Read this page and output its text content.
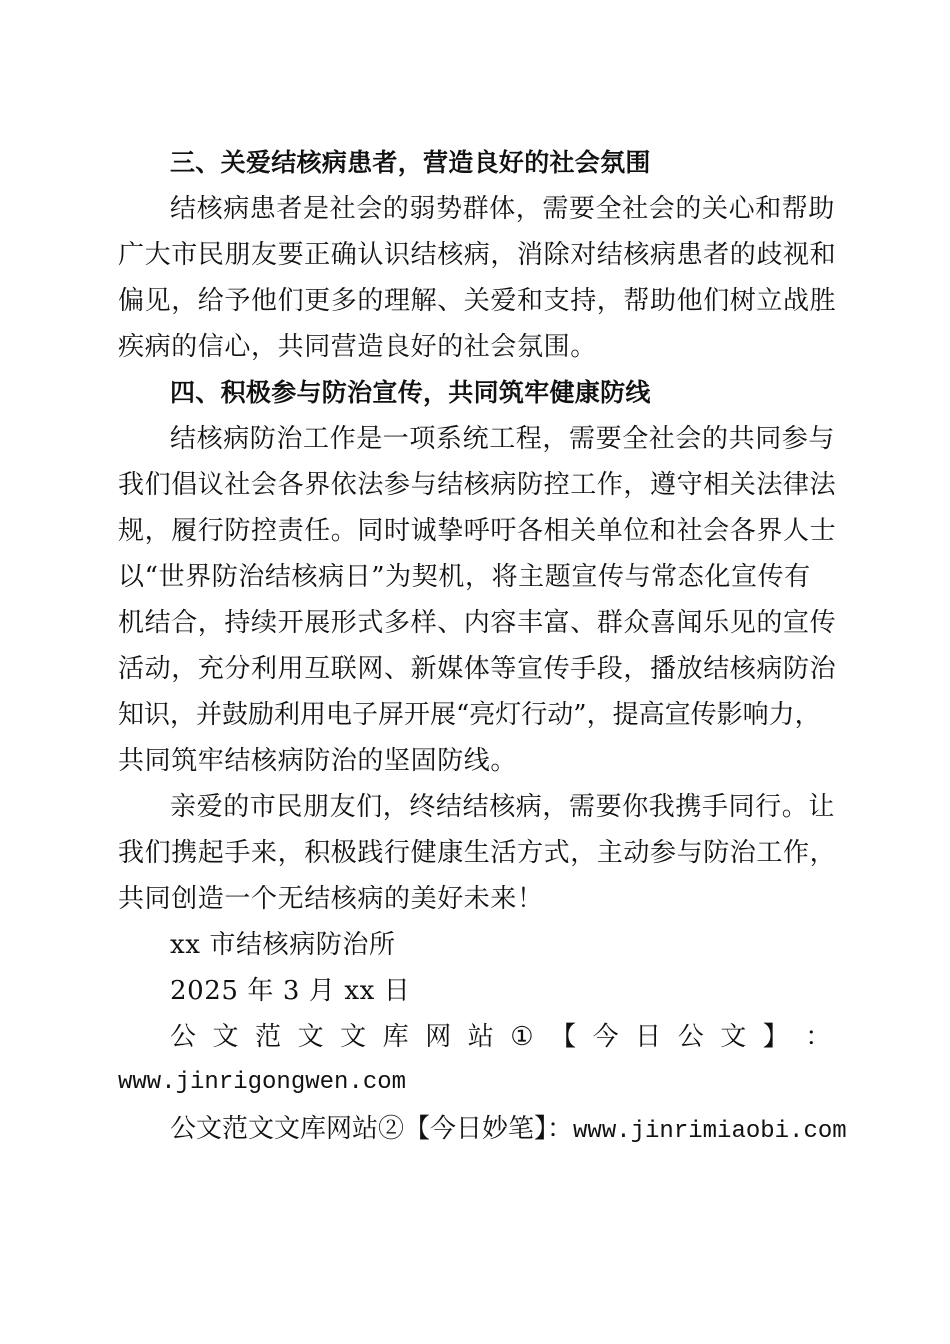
三、关爱结核病患者，营造良好的社会氛围
结核病患者是社会的弱势群体，需要全社会的关心和帮助
广大市民朋友要正确认识结核病，消除对结核病患者的歧视和
偏见，给予他们更多的理解、关爱和支持，帮助他们树立战胜
疾病的信心，共同营造良好的社会氛围。
四、积极参与防治宣传，共同筑牢健康防线
结核病防治工作是一项系统工程，需要全社会的共同参与
我们倡议社会各界依法参与结核病防控工作，遵守相关法律法
规，履行防控责任。同时诚挚呼吁各相关单位和社会各界人士
以“世界防治结核病日”为契机，将主题宣传与常态化宣传有
机结合，持续开展形式多样、内容丰富、群众喜闻乐见的宣传
活动，充分利用互联网、新媒体等宣传手段，播放结核病防治
知识，并鼓励利用电子屏开展“亮灯行动”，提高宣传影响力，
共同筑牢结核病防治的坚固防线。
亲爱的市民朋友们，终结结核病，需要你我携手同行。让
我们携起手来，积极践行健康生活方式，主动参与防治工作，
共同创造一个无结核病的美好未来！
xx 市结核病防治所
2025 年 3 月 xx 日
公 文 范 文 文 库 网 站 ① 【 今 日 公 文 】 ：
www.jinrigongwen.com
公文范文文库网站②【今日妙笔】：www.jinrimiaobi.com
